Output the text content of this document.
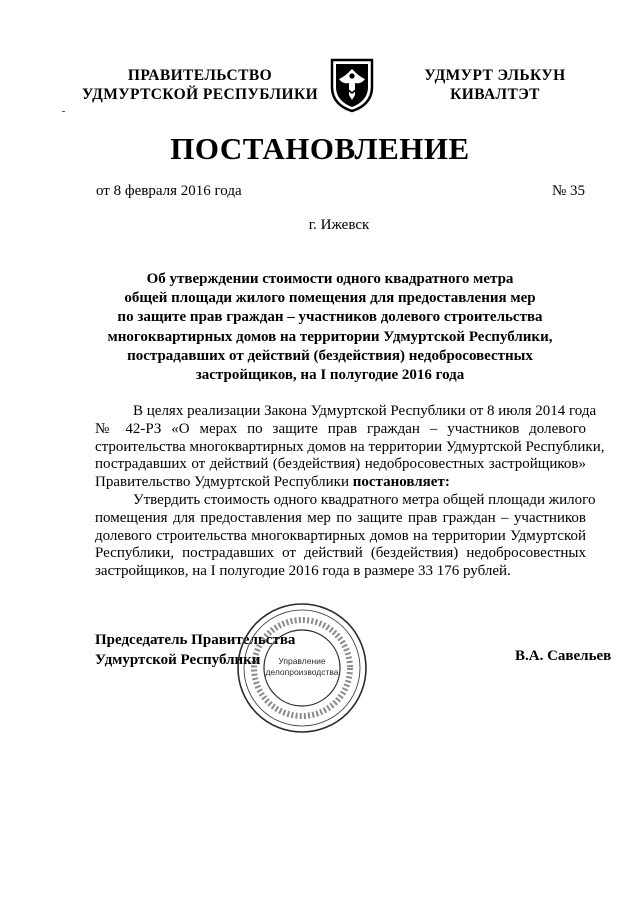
ПРАВИТЕЛЬСТВО
УДМУРТСКОЙ РЕСПУБЛИКИ
УДМУРТ ЭЛЬКУН
КИВАЛТЭТ
ПОСТАНОВЛЕНИЕ
от 8 февраля 2016 года	№ 35
г. Ижевск
Об утверждении стоимости одного квадратного метра
общей площади жилого помещения для предоставления мер
по защите прав граждан – участников долевого строительства
многоквартирных домов на территории Удмуртской Республики,
пострадавших от действий (бездействия) недобросовестных
застройщиков, на I полугодие 2016 года
В целях реализации Закона Удмуртской Республики от 8 июля 2014 года
№ 42-РЗ «О мерах по защите прав граждан – участников долевого
строительства многоквартирных домов на территории Удмуртской Республики,
пострадавших от действий (бездействия) недобросовестных застройщиков»
Правительство Удмуртской Республики постановляет:
Утвердить стоимость одного квадратного метра общей площади жилого
помещения для предоставления мер по защите прав граждан – участников
долевого строительства многоквартирных домов на территории Удмуртской
Республики, пострадавших от действий (бездействия) недобросовестных
застройщиков, на I полугодие 2016 года в размере 33 176 рублей.
Председатель Правительства
Удмуртской Республики	В.А. Савельев
Управление
делопроизводства
